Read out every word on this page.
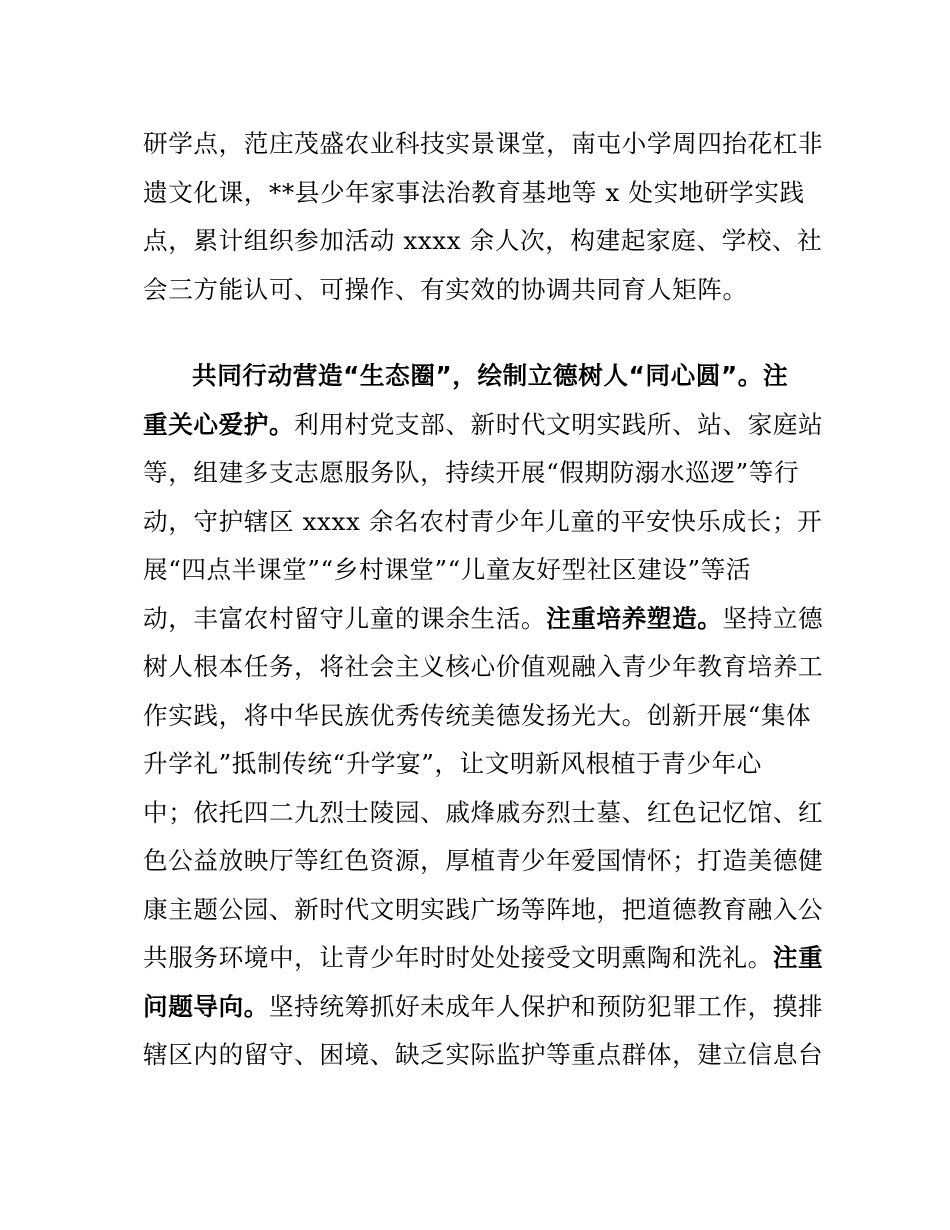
研学点，范庄茂盛农业科技实景课堂，南屯小学周四抬花杠非
遗文化课，**县少年家事法治教育基地等 x 处实地研学实践
点，累计组织参加活动 xxxx 余人次，构建起家庭、学校、社
会三方能认可、可操作、有实效的协调共同育人矩阵。
共同行动营造“生态圈”，绘制立德树人“同心圆”。注
重关心爱护。利用村党支部、新时代文明实践所、站、家庭站
等，组建多支志愿服务队，持续开展“假期防溺水巡逻”等行
动，守护辖区 xxxx 余名农村青少年儿童的平安快乐成长；开
展“四点半课堂”“乡村课堂”“儿童友好型社区建设”等活
动，丰富农村留守儿童的课余生活。注重培养塑造。坚持立德
树人根本任务，将社会主义核心价值观融入青少年教育培养工
作实践，将中华民族优秀传统美德发扬光大。创新开展“集体
升学礼”抵制传统“升学宴”，让文明新风根植于青少年心
中；依托四二九烈士陵园、戚烽戚夯烈士墓、红色记忆馆、红
色公益放映厅等红色资源，厚植青少年爱国情怀；打造美德健
康主题公园、新时代文明实践广场等阵地，把道德教育融入公
共服务环境中，让青少年时时处处接受文明熏陶和洗礼。注重
问题导向。坚持统筹抓好未成年人保护和预防犯罪工作，摸排
辖区内的留守、困境、缺乏实际监护等重点群体，建立信息台
